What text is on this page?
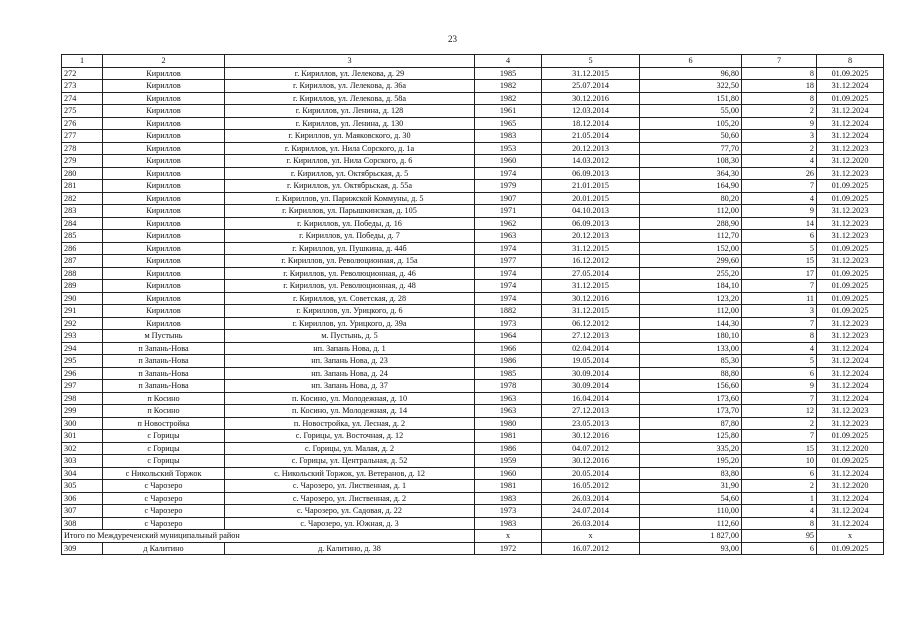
23
1	2	3	4	5	6	7	8
272	Кириллов	г. Кириллов, ул. Лелекова, д. 29	1985	31.12.2015	96,80	8	01.09.2025
273	Кириллов	г. Кириллов, ул. Лелекова, д. 36а	1982	25.07.2014	322,50	18	31.12.2024
274	Кириллов	г. Кириллов, ул. Лелекова, д. 58а	1982	30.12.2016	151,80	8	01.09.2025
275	Кириллов	г. Кириллов, ул. Ленина, д. 128	1961	12.03.2014	55,00	2	31.12.2024
276	Кириллов	г. Кириллов, ул. Ленина, д. 130	1965	18.12.2014	105,20	9	31.12.2024
277	Кириллов	г. Кириллов, ул. Маяковского, д. 30	1983	21.05.2014	50,60	3	31.12.2024
278	Кириллов	г. Кириллов, ул. Нила Сорского, д. 1а	1953	20.12.2013	77,70	2	31.12.2023
279	Кириллов	г. Кириллов, ул. Нила Сорского, д. 6	1960	14.03.2012	108,30	4	31.12.2020
280	Кириллов	г. Кириллов, ул. Октябрьская, д. 5	1974	06.09.2013	364,30	26	31.12.2023
281	Кириллов	г. Кириллов, ул. Октябрьская, д. 55а	1979	21.01.2015	164,90	7	01.09.2025
282	Кириллов	г. Кириллов, ул. Парижской Коммуны, д. 5	1907	20.01.2015	80,20	4	01.09.2025
283	Кириллов	г. Кириллов, ул. Парышкинская, д. 105	1971	04.10.2013	112,00	9	31.12.2023
284	Кириллов	г. Кириллов, ул. Победы, д. 16	1962	06.09.2013	288,90	14	31.12.2023
285	Кириллов	г. Кириллов, ул. Победы, д. 7	1963	20.12.2013	112,70	6	31.12.2023
286	Кириллов	г. Кириллов, ул. Пушкина, д. 44б	1974	31.12.2015	152,00	5	01.09.2025
287	Кириллов	г. Кириллов, ул. Революционная, д. 15а	1977	16.12.2012	299,60	15	31.12.2023
288	Кириллов	г. Кириллов, ул. Революционная, д. 46	1974	27.05.2014	255,20	17	01.09.2025
289	Кириллов	г. Кириллов, ул. Революционная, д. 48	1974	31.12.2015	184,10	7	01.09.2025
290	Кириллов	г. Кириллов, ул. Советская, д. 28	1974	30.12.2016	123,20	11	01.09.2025
291	Кириллов	г. Кириллов, ул. Урицкого, д. 6	1882	31.12.2015	112,00	3	01.09.2025
292	Кириллов	г. Кириллов, ул. Урицкого, д. 39а	1973	06.12.2012	144,30	7	31.12.2023
293	м Пустынь	м. Пустынь, д. 5	1964	27.12.2013	180,10	8	31.12.2023
294	п Запань-Нова	нп. Запань Нова, д. 1	1966	02.04.2014	133,00	4	31.12.2024
295	п Запань-Нова	нп. Запань Нова, д. 23	1986	19.05.2014	85,30	5	31.12.2024
296	п Запань-Нова	нп. Запань Нова, д. 24	1985	30.09.2014	88,80	6	31.12.2024
297	п Запань-Нова	нп. Запань Нова, д. 37	1978	30.09.2014	156,60	9	31.12.2024
298	п Косино	п. Косино, ул. Молодежная, д. 10	1963	16.04.2014	173,60	7	31.12.2024
299	п Косино	п. Косино, ул. Молодежная, д. 14	1963	27.12.2013	173,70	12	31.12.2023
300	п Новостройка	п. Новостройка, ул. Лесная, д. 2	1980	23.05.2013	87,80	2	31.12.2023
301	с Горицы	с. Горицы, ул. Восточная, д. 12	1981	30.12.2016	125,80	7	01.09.2025
302	с Горицы	с. Горицы, ул. Малая, д. 2	1986	04.07.2012	335,20	15	31.12.2020
303	с Горицы	с. Горицы, ул. Центральная, д. 52	1959	30.12.2016	195,20	10	01.09.2025
304	с Никольский Торжок	с. Никольский Торжок, ул. Ветеранов, д. 12	1960	20.05.2014	83,80	6	31.12.2024
305	с Чарозеро	с. Чарозеро, ул. Лиственная, д. 1	1981	16.05.2012	31,90	2	31.12.2020
306	с Чарозеро	с. Чарозеро, ул. Лиственная, д. 2	1983	26.03.2014	54,60	1	31.12.2024
307	с Чарозеро	с. Чарозеро, ул. Садовая, д. 22	1973	24.07.2014	110,00	4	31.12.2024
308	с Чарозеро	с. Чарозеро, ул. Южная, д. 3	1983	26.03.2014	112,60	8	31.12.2024
Итого по Междуреченский муниципальный район			x	x	1 827,00	95	x
309	д Калитино	д. Калитино, д. 38	1972	16.07.2012	93,00	6	01.09.2025
